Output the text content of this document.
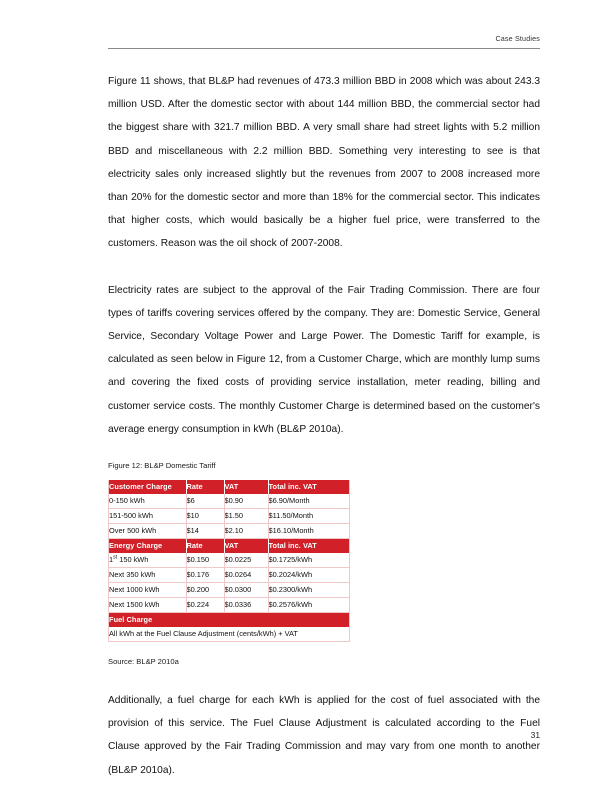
Case Studies

Figure 11 shows, that BL&P had revenues of 473.3 million BBD in 2008 which was about 243.3 million USD. After the domestic sector with about 144 million BBD, the commercial sector had the biggest share with 321.7 million BBD. A very small share had street lights with 5.2 million BBD and miscellaneous with 2.2 million BBD. Something very interesting to see is that electricity sales only increased slightly but the revenues from 2007 to 2008 increased more than 20% for the domestic sector and more than 18% for the commercial sector. This indicates that higher costs, which would basically be a higher fuel price, were transferred to the customers. Reason was the oil shock of 2007-2008.

Electricity rates are subject to the approval of the Fair Trading Commission. There are four types of tariffs covering services offered by the company. They are: Domestic Service, General Service, Secondary Voltage Power and Large Power. The Domestic Tariff for example, is calculated as seen below in Figure 12, from a Customer Charge, which are monthly lump sums and covering the fixed costs of providing service installation, meter reading, billing and customer service costs. The monthly Customer Charge is determined based on the customer's average energy consumption in kWh (BL&P 2010a).

Figure 12: BL&P Domestic Tariff
Customer Charge	Rate	VAT	Total inc. VAT
0-150 kWh	$6	$0.90	$6.90/Month
151-500 kWh	$10	$1.50	$11.50/Month
Over 500 kWh	$14	$2.10	$16.10/Month
Energy Charge	Rate	VAT	Total inc. VAT
1st 150 kWh	$0.150	$0.0225	$0.1725/kWh
Next 350 kWh	$0.176	$0.0264	$0.2024/kWh
Next 1000 kWh	$0.200	$0.0300	$0.2300/kWh
Next 1500 kWh	$0.224	$0.0336	$0.2576/kWh
Fuel Charge			
All kWh at the Fuel Clause Adjustment (cents/kWh) + VAT			
Source: BL&P 2010a

Additionally, a fuel charge for each kWh is applied for the cost of fuel associated with the provision of this service. The Fuel Clause Adjustment is calculated according to the Fuel Clause approved by the Fair Trading Commission and may vary from one month to another (BL&P 2010a).

31
